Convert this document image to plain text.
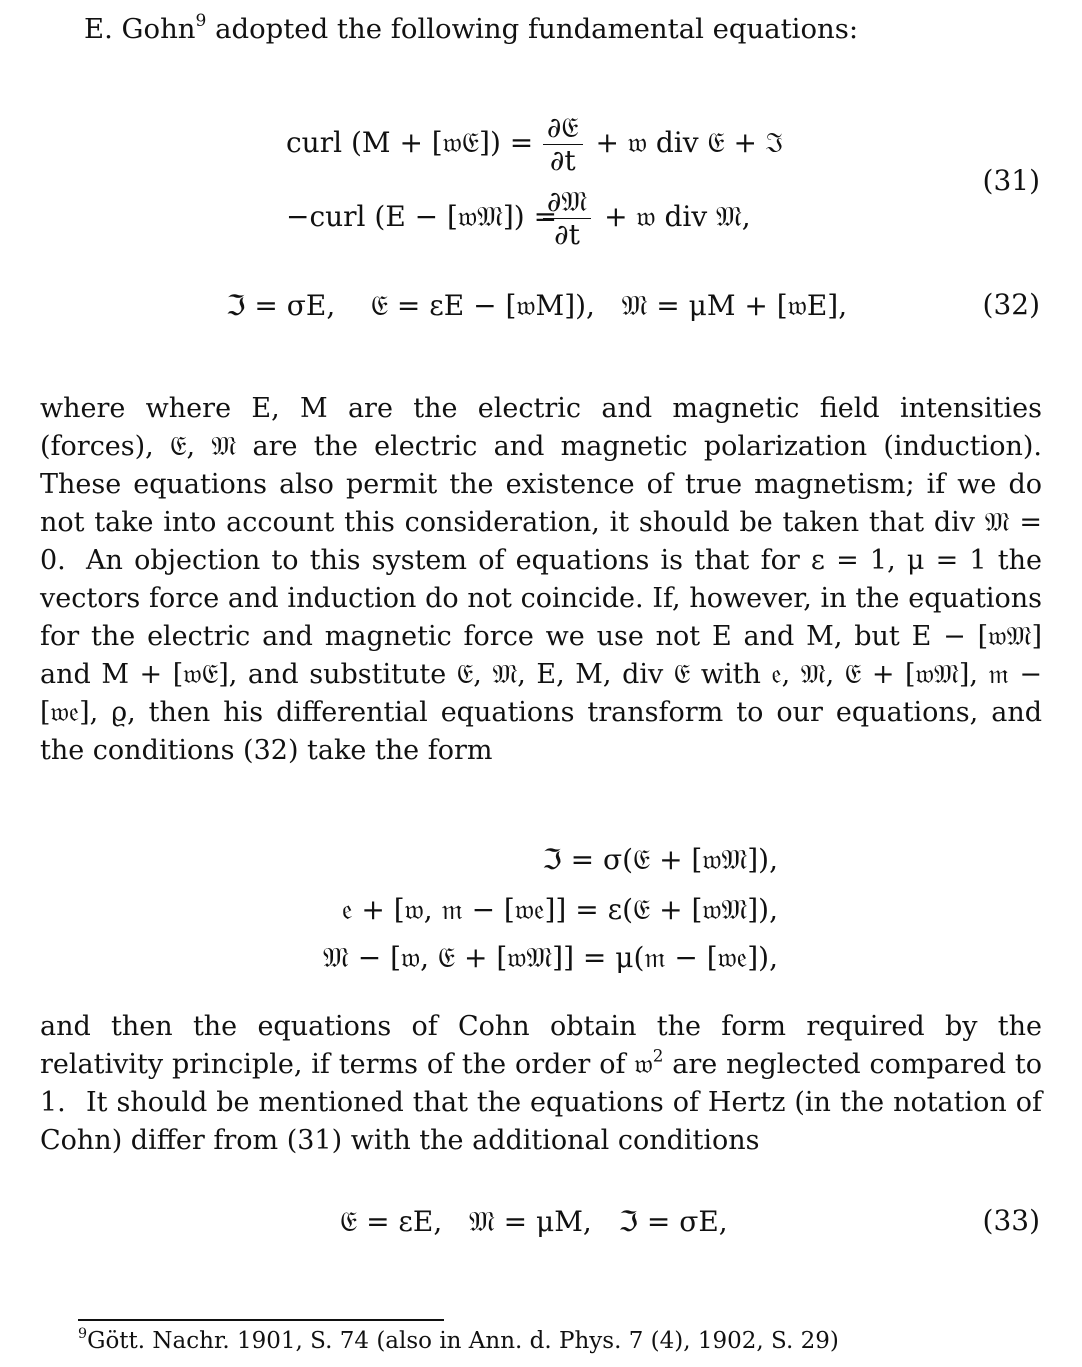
E. Gohn$^9$ adopted the following fundamental equations:
curl (M + [𝔴𝔈]) = $\frac{\text{∂𝔈}}{\partial t}$ + 𝔴 div 𝔈 + ℑ
−curl (E − [𝔴𝔐]) =
$\frac{\text{∂𝔐}}{\partial t}$ + 𝔴 div 𝔐,
(31)
ℑ = σE,    𝔈 = εE − [𝔴M]),   𝔐 = μM + [𝔴E],	(32)
where where E, M are the electric and magnetic field intensities (forces), 𝔈, 𝔐 are the electric and magnetic polarization (induction). These equations also permit the existence of true magnetism; if we do not take into account this consideration, it should be taken that div 𝔐 = 0. An objection to this system of equations is that for ε = 1, μ = 1 the vectors force and induction do not coincide. If, however, in the equations for the electric and magnetic force we use not E and M, but E − [𝔴𝔐] and M + [𝔴𝔈], and substitute 𝔈, 𝔐, E, M, div 𝔈 with 𝔢, 𝔐, 𝔈 + [𝔴𝔐], 𝔪 − [𝔴𝔢], ϱ, then his differential equations transform to our equations, and the conditions (32) take the form
ℑ = σ(𝔈 + [𝔴𝔐]),
𝔢 + [𝔴, 𝔪 − [𝔴𝔢]] = ε(𝔈 + [𝔴𝔐]),
𝔐 − [𝔴, 𝔈 + [𝔴𝔐]] = μ(𝔪 − [𝔴𝔢]),
and then the equations of Cohn obtain the form required by the relativity principle, if terms of the order of 𝔴$^2$ are neglected compared to 1. It should be mentioned that the equations of Hertz (in the notation of Cohn) differ from (31) with the additional conditions
𝔈 = εE,   𝔐 = μM,   ℑ = σE,	(33)
$^9$Gött. Nachr. 1901, S. 74 (also in Ann. d. Phys. 7 (4), 1902, S. 29)
